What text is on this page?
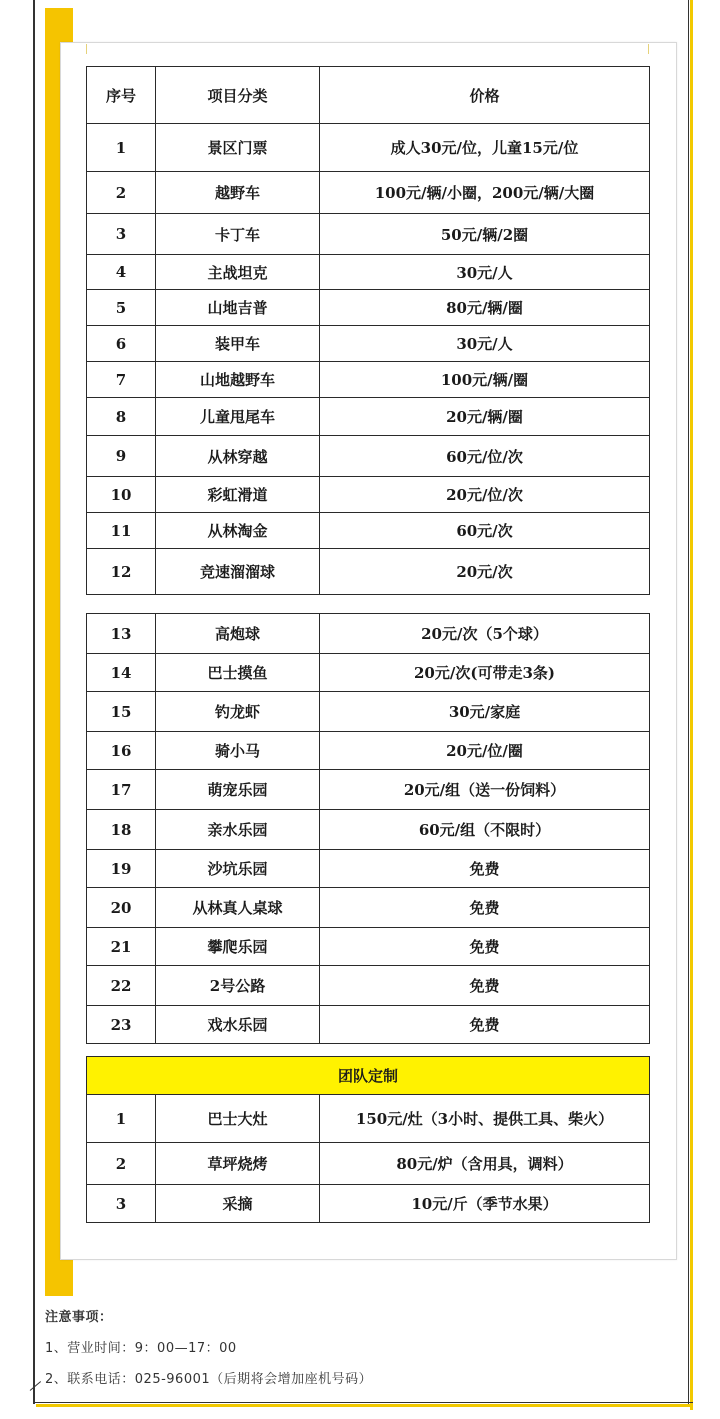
序号	项目分类	价格
1	景区门票	成人30元/位，儿童15元/位
2	越野车	100元/辆/小圈，200元/辆/大圈
3	卡丁车	50元/辆/2圈
4	主战坦克	30元/人
5	山地吉普	80元/辆/圈
6	装甲车	30元/人
7	山地越野车	100元/辆/圈
8	儿童甩尾车	20元/辆/圈
9	从林穿越	60元/位/次
10	彩虹滑道	20元/位/次
11	从林淘金	60元/次
12	竞速溜溜球	20元/次
13	高炮球	20元/次（5个球）
14	巴士摸鱼	20元/次(可带走3条)
15	钓龙虾	30元/家庭
16	骑小马	20元/位/圈
17	萌宠乐园	20元/组（送一份饲料）
18	亲水乐园	60元/组（不限时）
19	沙坑乐园	免费
20	从林真人桌球	免费
21	攀爬乐园	免费
22	2号公路	免费
23	戏水乐园	免费
团队定制		
1	巴士大灶	150元/灶（3小时、提供工具、柴火）
2	草坪烧烤	80元/炉（含用具，调料）
3	采摘	10元/斤（季节水果）
注意事项：
1、营业时间：9：00—17：00
2、联系电话：025-96001（后期将会增加座机号码）
